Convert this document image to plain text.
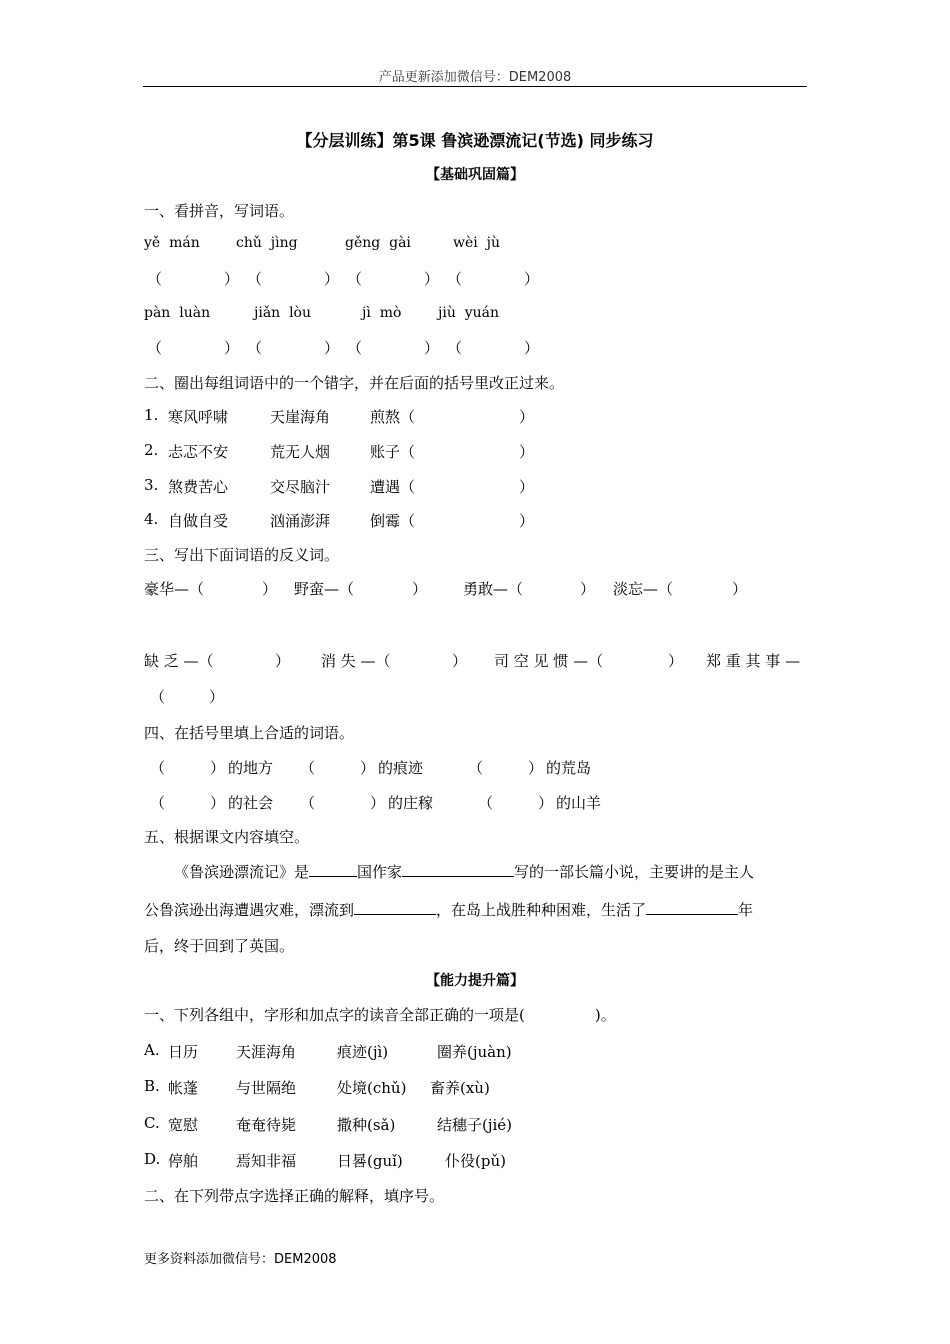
产品更新添加微信号：DEM2008
【分层训练】第5课 鲁滨逊漂流记(节选) 同步练习
【基础巩固篇】
一、看拼音，写词语。
yě  mán	chǔ  jìng	gěng  gài	wèi  jù
（	） （	） （	） （	）
pàn  luàn	jiǎn  lòu	jì  mò	jiù  yuán
（	） （	） （	） （	）
二、圈出每组词语中的一个错字，并在后面的括号里改正过来。
1. 寒风呼啸	天崖海角	煎熬（	）
2. 忐忑不安	荒无人烟	账子（	）
3. 煞费苦心	交尽脑汁	遭遇（	）
4. 自做自受	汹涌澎湃	倒霉（	）
三、写出下面词语的反义词。
豪华—（	） 野蛮—（	） 勇敢—（	） 淡忘—（	）
缺 乏 —（	） 消 失 —（	） 司 空 见 惯 —（	） 郑 重 其 事 —
（	）
四、在括号里填上合适的词语。
（	） 的地方 （	） 的痕迹	（	） 的荒岛
（	） 的社会 （	） 的庄稼	（	） 的山羊
五、根据课文内容填空。
《鲁滨逊漂流记》是	国作家	写的一部长篇小说，主要讲的是主人
公鲁滨逊出海遭遇灾难，漂流到	，在岛上战胜种种困难，生活了	年
后，终于回到了英国。
【能力提升篇】
一、下列各组中，字形和加点字的读音全部正确的一项是(	)。
A. 日历	天涯海角	痕迹(jì)	圈养(juàn)
B. 帐蓬	与世隔绝	处境(chǔ) 畜养(xù)
C. 宽慰	奄奄待毙	撒种(sǎ)	结穗子(jié)
D. 停舶	焉知非福	日晷(guǐ)	仆役(pǔ)
二、在下列带点字选择正确的解释，填序号。
更多资料添加微信号：DEM2008
